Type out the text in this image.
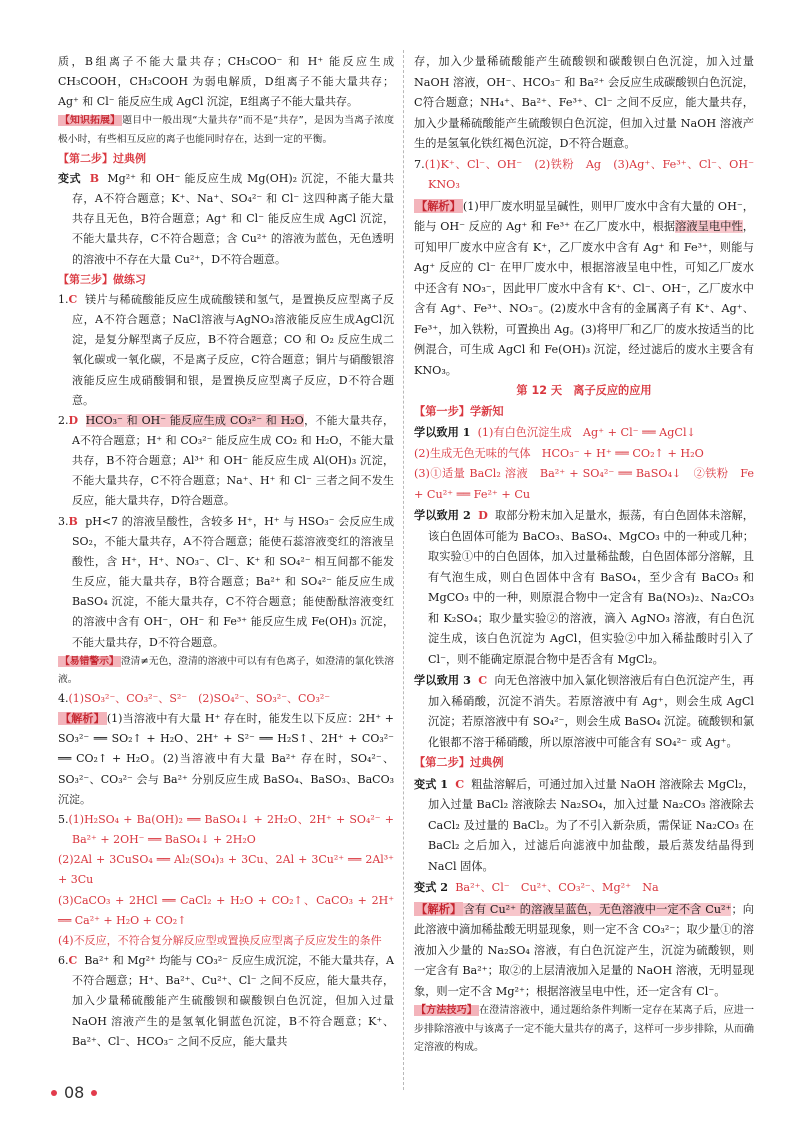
质，B组离子不能大量共存；CH₃COO⁻ 和 H⁺ 能反应生成 CH₃COOH，CH₃COOH 为弱电解质，D组离子不能大量共存；Ag⁺ 和 Cl⁻ 能反应生成 AgCl 沉淀，E组离子不能大量共存。

【知识拓展】 题目中一般出现“大量共存”而不是“共存”，是因为当离子浓度极小时，有些相互反应的离子也能同时存在，达到一定的平衡。

【第二步】过典例

变式 B Mg²⁺ 和 OH⁻ 能反应生成 Mg(OH)₂ 沉淀，不能大量共存，A不符合题意；K⁺、Na⁺、SO₄²⁻ 和 Cl⁻ 这四种离子能大量共存且无色，B符合题意；Ag⁺ 和 Cl⁻ 能反应生成 AgCl 沉淀，不能大量共存，C不符合题意；含 Cu²⁺ 的溶液为蓝色，无色透明的溶液中不存在大量 Cu²⁺，D不符合题意。

【第三步】做练习

1.C 镁片与稀硫酸能反应生成硫酸镁和氢气，是置换反应型离子反应，A不符合题意；NaCl溶液与AgNO₃溶液能反应生成AgCl沉淀，是复分解型离子反应，B不符合题意；CO 和 O₂ 反应生成二氧化碳或一氧化碳，不是离子反应，C符合题意；铜片与硝酸银溶液能反应生成硝酸铜和银，是置换反应型离子反应，D不符合题意。

2.D HCO₃⁻ 和 OH⁻ 能反应生成 CO₃²⁻ 和 H₂O，不能大量共存，A不符合题意；H⁺ 和 CO₃²⁻ 能反应生成 CO₂ 和 H₂O，不能大量共存，B不符合题意；Al³⁺ 和 OH⁻ 能反应生成 Al(OH)₃ 沉淀，不能大量共存，C不符合题意；Na⁺、H⁺ 和 Cl⁻ 三者之间不发生反应，能大量共存，D符合题意。

3.B pH<7 的溶液呈酸性，含较多 H⁺，H⁺ 与 HSO₃⁻ 会反应生成 SO₂，不能大量共存，A不符合题意；能使石蕊溶液变红的溶液呈酸性，含 H⁺，H⁺、NO₃⁻、Cl⁻、K⁺ 和 SO₄²⁻ 相互间都不能发生反应，能大量共存，B符合题意；Ba²⁺ 和 SO₄²⁻ 能反应生成 BaSO₄ 沉淀，不能大量共存，C不符合题意；能使酚酞溶液变红的溶液中含有 OH⁻，OH⁻ 和 Fe³⁺ 能反应生成 Fe(OH)₃ 沉淀，不能大量共存，D不符合题意。

【易错警示】 澄清≠无色，澄清的溶液中可以有有色离子，如澄清的氯化铁溶液。

4.(1)SO₃²⁻、CO₃²⁻、S²⁻　(2)SO₄²⁻、SO₃²⁻、CO₃²⁻

【解析】 (1)当溶液中有大量 H⁺ 存在时，能发生以下反应：2H⁺ + SO₃²⁻ ══ SO₂↑ + H₂O、2H⁺ + S²⁻ ══ H₂S↑、2H⁺ + CO₃²⁻ ══ CO₂↑ + H₂O。(2)当溶液中有大量 Ba²⁺ 存在时，SO₄²⁻、SO₃²⁻、CO₃²⁻ 会与 Ba²⁺ 分别反应生成 BaSO₄、BaSO₃、BaCO₃ 沉淀。

5.(1)H₂SO₄ + Ba(OH)₂ ══ BaSO₄↓ + 2H₂O、2H⁺ + SO₄²⁻ + Ba²⁺ + 2OH⁻ ══ BaSO₄↓ + 2H₂O

(2)2Al + 3CuSO₄ ══ Al₂(SO₄)₃ + 3Cu、2Al + 3Cu²⁺ ══ 2Al³⁺ + 3Cu

(3)CaCO₃ + 2HCl ══ CaCl₂ + H₂O + CO₂↑、CaCO₃ + 2H⁺ ══ Ca²⁺ + H₂O + CO₂↑

(4)不反应，不符合复分解反应型或置换反应型离子反应发生的条件

6.C Ba²⁺ 和 Mg²⁺ 均能与 CO₃²⁻ 反应生成沉淀，不能大量共存，A不符合题意；H⁺、Ba²⁺、Cu²⁺、Cl⁻ 之间不反应，能大量共存，加入少量稀硫酸能产生硫酸钡和碳酸钡白色沉淀，但加入过量 NaOH 溶液产生的是氢氧化铜蓝色沉淀，B不符合题意；K⁺、Ba²⁺、Cl⁻、HCO₃⁻ 之间不反应，能大量共

存，加入少量稀硫酸能产生硫酸钡和碳酸钡白色沉淀，加入过量 NaOH 溶液，OH⁻、HCO₃⁻ 和 Ba²⁺ 会反应生成碳酸钡白色沉淀，C符合题意；NH₄⁺、Ba²⁺、Fe³⁺、Cl⁻ 之间不反应，能大量共存，加入少量稀硫酸能产生硫酸钡白色沉淀，但加入过量 NaOH 溶液产生的是氢氧化铁红褐色沉淀，D不符合题意。

7.(1)K⁺、Cl⁻、OH⁻　(2)铁粉　Ag　(3)Ag⁺、Fe³⁺、Cl⁻、OH⁻　KNO₃

【解析】 (1)甲厂废水明显呈碱性，则甲厂废水中含有大量的 OH⁻，能与 OH⁻ 反应的 Ag⁺ 和 Fe³⁺ 在乙厂废水中，根据溶液呈电中性，可知甲厂废水中应含有 K⁺，乙厂废水中含有 Ag⁺ 和 Fe³⁺，则能与 Ag⁺ 反应的 Cl⁻ 在甲厂废水中，根据溶液呈电中性，可知乙厂废水中还含有 NO₃⁻，因此甲厂废水中含有 K⁺、Cl⁻、OH⁻，乙厂废水中含有 Ag⁺、Fe³⁺、NO₃⁻。(2)废水中含有的金属离子有 K⁺、Ag⁺、Fe³⁺，加入铁粉，可置换出 Ag。(3)将甲厂和乙厂的废水按适当的比例混合，可生成 AgCl 和 Fe(OH)₃ 沉淀，经过滤后的废水主要含有 KNO₃。

第 12 天　离子反应的应用

【第一步】学新知

学以致用 1 (1)有白色沉淀生成　Ag⁺ + Cl⁻ ══ AgCl↓

(2)生成无色无味的气体　HCO₃⁻ + H⁺ ══ CO₂↑ + H₂O

(3)①适量 BaCl₂ 溶液　Ba²⁺ + SO₄²⁻ ══ BaSO₄↓　②铁粉　Fe + Cu²⁺ ══ Fe²⁺ + Cu

学以致用 2 D 取部分粉末加入足量水，振荡，有白色固体未溶解，该白色固体可能为 BaCO₃、BaSO₄、MgCO₃ 中的一种或几种；取实验①中的白色固体，加入过量稀盐酸，白色固体部分溶解，且有气泡生成，则白色固体中含有 BaSO₄，至少含有 BaCO₃ 和 MgCO₃ 中的一种，则原混合物中一定含有 Ba(NO₃)₂、Na₂CO₃ 和 K₂SO₄；取少量实验②的溶液，滴入 AgNO₃ 溶液，有白色沉淀生成，该白色沉淀为 AgCl，但实验②中加入稀盐酸时引入了 Cl⁻，则不能确定原混合物中是否含有 MgCl₂。

学以致用 3 C 向无色溶液中加入氯化钡溶液后有白色沉淀产生，再加入稀硝酸，沉淀不消失。若原溶液中有 Ag⁺，则会生成 AgCl 沉淀；若原溶液中有 SO₄²⁻，则会生成 BaSO₄ 沉淀。硫酸钡和氯化银都不溶于稀硝酸，所以原溶液中可能含有 SO₄²⁻ 或 Ag⁺。

【第二步】过典例

变式 1 C 粗盐溶解后，可通过加入过量 NaOH 溶液除去 MgCl₂，加入过量 BaCl₂ 溶液除去 Na₂SO₄，加入过量 Na₂CO₃ 溶液除去 CaCl₂ 及过量的 BaCl₂。为了不引入新杂质，需保证 Na₂CO₃ 在 BaCl₂ 之后加入，过滤后向滤液中加盐酸，最后蒸发结晶得到 NaCl 固体。

变式 2 Ba²⁺、Cl⁻　Cu²⁺、CO₃²⁻、Mg²⁺　Na

【解析】 含有 Cu²⁺ 的溶液呈蓝色，无色溶液中一定不含 Cu²⁺；向此溶液中滴加稀盐酸无明显现象，则一定不含 CO₃²⁻；取少量①的溶液加入少量的 Na₂SO₄ 溶液，有白色沉淀产生，沉淀为硫酸钡，则一定含有 Ba²⁺；取②的上层清液加入足量的 NaOH 溶液，无明显现象，则一定不含 Mg²⁺；根据溶液呈电中性，还一定含有 Cl⁻。

【方法技巧】 在澄清溶液中，通过题给条件判断一定存在某离子后，应进一步排除溶液中与该离子一定不能大量共存的离子，这样可一步步排除，从而确定溶液的构成。

08
